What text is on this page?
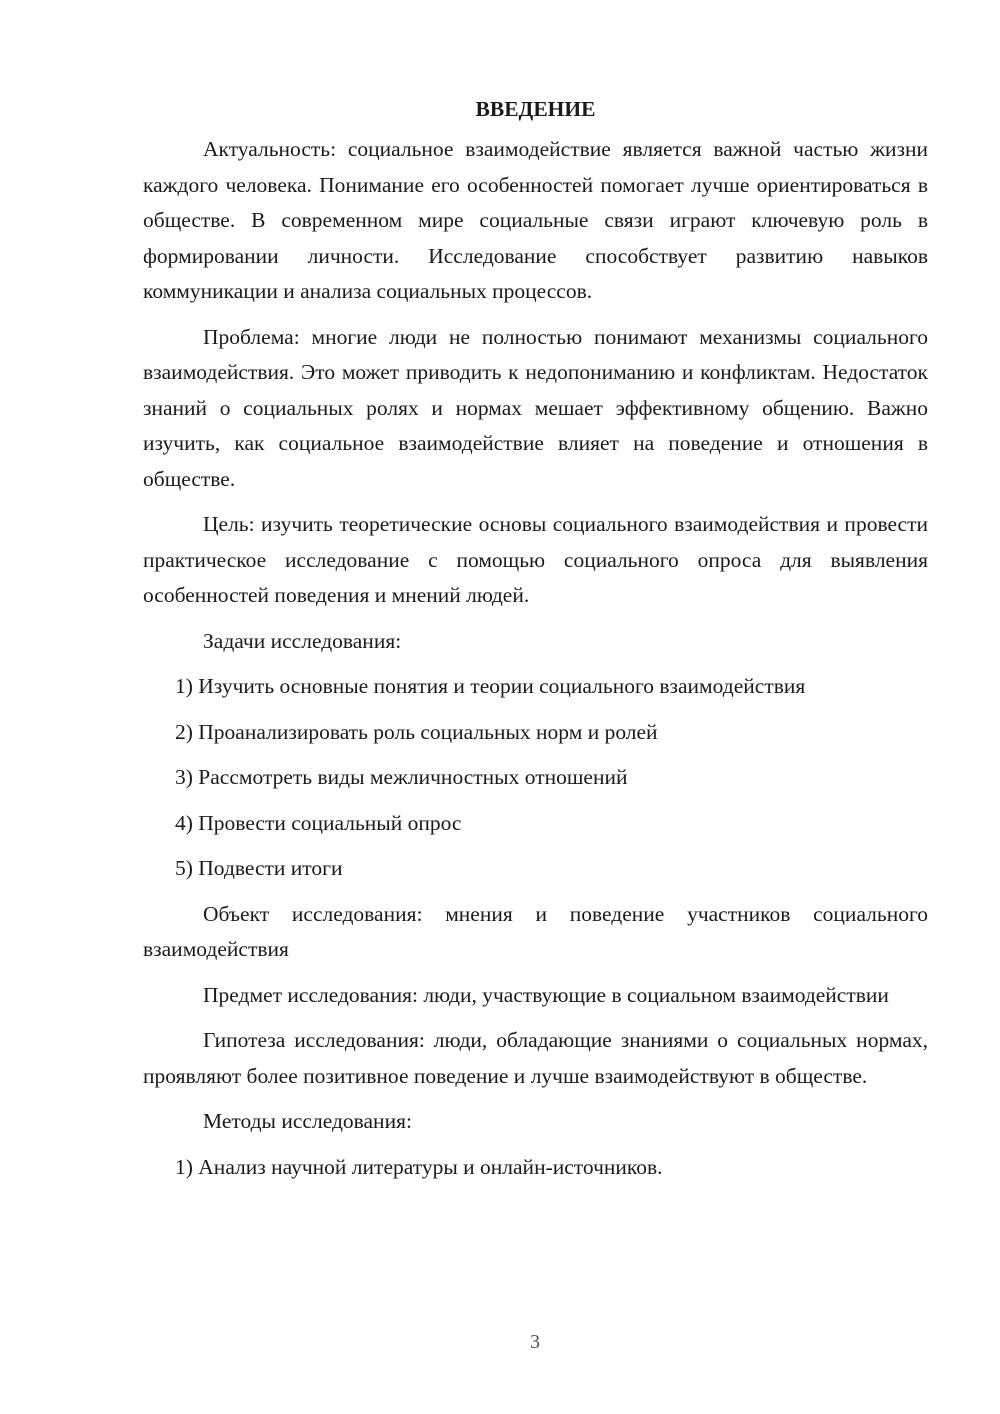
ВВЕДЕНИЕ

Актуальность: социальное взаимодействие является важной частью жизни каждого человека. Понимание его особенностей помогает лучше ориентироваться в обществе. В современном мире социальные связи играют ключевую роль в формировании личности. Исследование способствует развитию навыков коммуникации и анализа социальных процессов.

Проблема: многие люди не полностью понимают механизмы социального взаимодействия. Это может приводить к недопониманию и конфликтам. Недостаток знаний о социальных ролях и нормах мешает эффективному общению. Важно изучить, как социальное взаимодействие влияет на поведение и отношения в обществе.

Цель: изучить теоретические основы социального взаимодействия и провести практическое исследование с помощью социального опроса для выявления особенностей поведения и мнений людей.

Задачи исследования:

1) Изучить основные понятия и теории социального взаимодействия

2) Проанализировать роль социальных норм и ролей

3) Рассмотреть виды межличностных отношений

4) Провести социальный опрос

5) Подвести итоги

Объект исследования: мнения и поведение участников социального взаимодействия

Предмет исследования: люди, участвующие в социальном взаимодействии

Гипотеза исследования: люди, обладающие знаниями о социальных нормах, проявляют более позитивное поведение и лучше взаимодействуют в обществе.

Методы исследования:

1) Анализ научной литературы и онлайн-источников.

3
